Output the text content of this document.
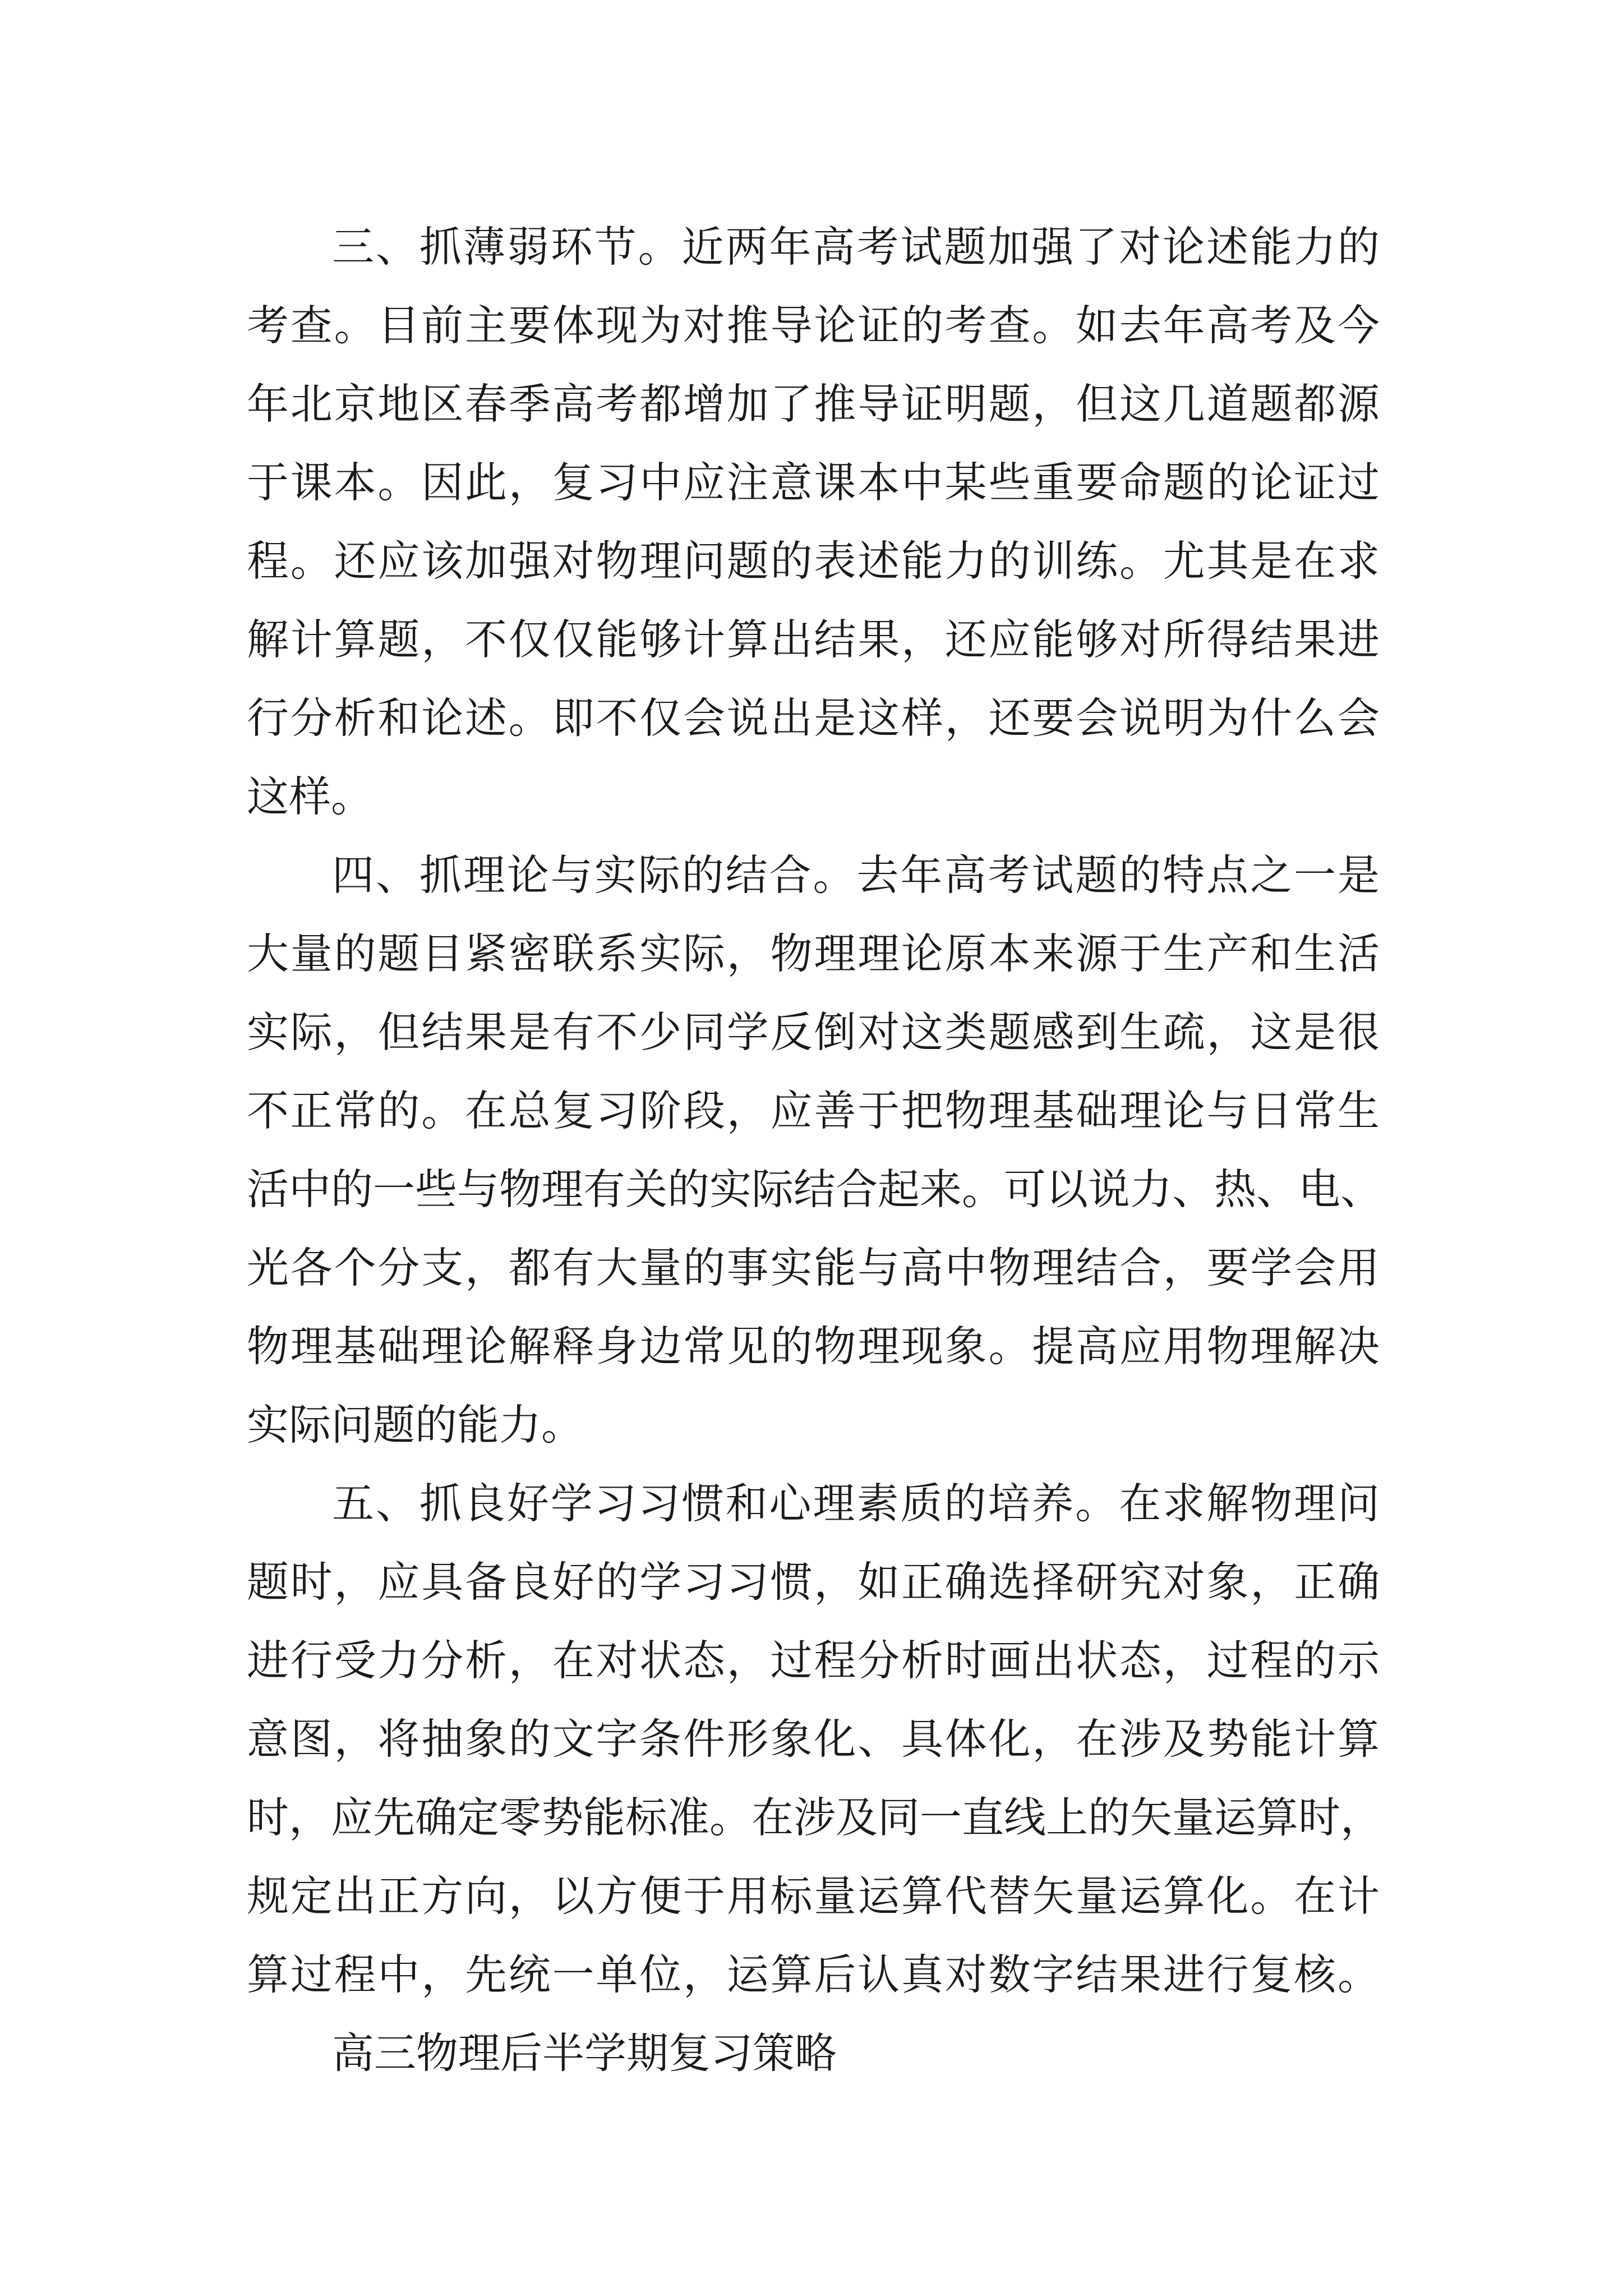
三、抓薄弱环节。近两年高考试题加强了对论述能力的
考查。目前主要体现为对推导论证的考查。如去年高考及今
年北京地区春季高考都增加了推导证明题，但这几道题都源
于课本。因此，复习中应注意课本中某些重要命题的论证过
程。还应该加强对物理问题的表述能力的训练。尤其是在求
解计算题，不仅仅能够计算出结果，还应能够对所得结果进
行分析和论述。即不仅会说出是这样，还要会说明为什么会
这样。
四、抓理论与实际的结合。去年高考试题的特点之一是
大量的题目紧密联系实际，物理理论原本来源于生产和生活
实际，但结果是有不少同学反倒对这类题感到生疏，这是很
不正常的。在总复习阶段，应善于把物理基础理论与日常生
活中的一些与物理有关的实际结合起来。可以说力、热、电、
光各个分支，都有大量的事实能与高中物理结合，要学会用
物理基础理论解释身边常见的物理现象。提高应用物理解决
实际问题的能力。
五、抓良好学习习惯和心理素质的培养。在求解物理问
题时，应具备良好的学习习惯，如正确选择研究对象，正确
进行受力分析，在对状态，过程分析时画出状态，过程的示
意图，将抽象的文字条件形象化、具体化，在涉及势能计算
时，应先确定零势能标准。在涉及同一直线上的矢量运算时，
规定出正方向，以方便于用标量运算代替矢量运算化。在计
算过程中，先统一单位，运算后认真对数字结果进行复核。
高三物理后半学期复习策略
